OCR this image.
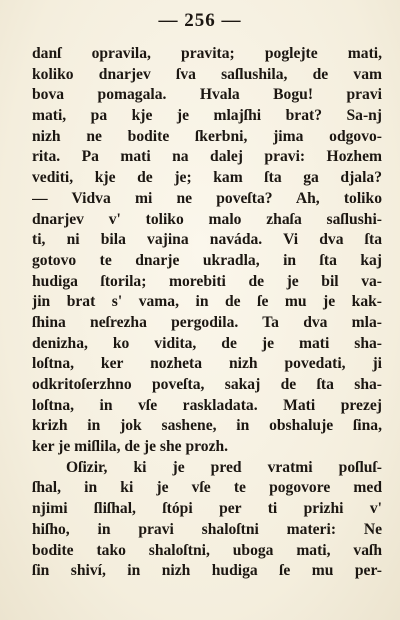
— 256 —
danſ opravila, pravita; poglejte mati,
koliko dnarjev ſva saſlushila, de vam
bova pomagala. Hvala Bogu! pravi
mati, pa kje je mlajſhi brat? Sa-nj
nizh ne bodite ſkerbni, jima odgovo-
rita. Pa mati na dalej pravi: Hozhem
vediti, kje de je; kam ſta ga djala?
— Vidva mi ne poveſta? Ah, toliko
dnarjev v' toliko malo zhaſa saſlushi-
ti, ni bila vajina naváda. Vi dva ſta
gotovo te dnarje ukradla, in ſta kaj
hudiga ſtorila; morebiti de je bil va-
jin brat s' vama, in de ſe mu je kak-
ſhina neſrezha pergodila. Ta dva mla-
denizha, ko vidita, de je mati sha-
loſtna, ker nozheta nizh povedati, ji
odkritoſerzhno poveſta, sakaj de ſta sha-
loſtna, in vſe raskladata. Mati prezej
krizh in jok sashene, in obshaluje ſina,
ker je miſlila, de je she prozh.
Oſizir, ki je pred vratmi poſluſ-
ſhal, in ki je vſe te pogovore med
njimi ſliſhal, ſtópi per ti prizhi v'
hiſho, in pravi shaloſtni materi: Ne
bodite tako shaloſtni, uboga mati, vaſh
ſin shiví, in nizh hudiga ſe mu per-
